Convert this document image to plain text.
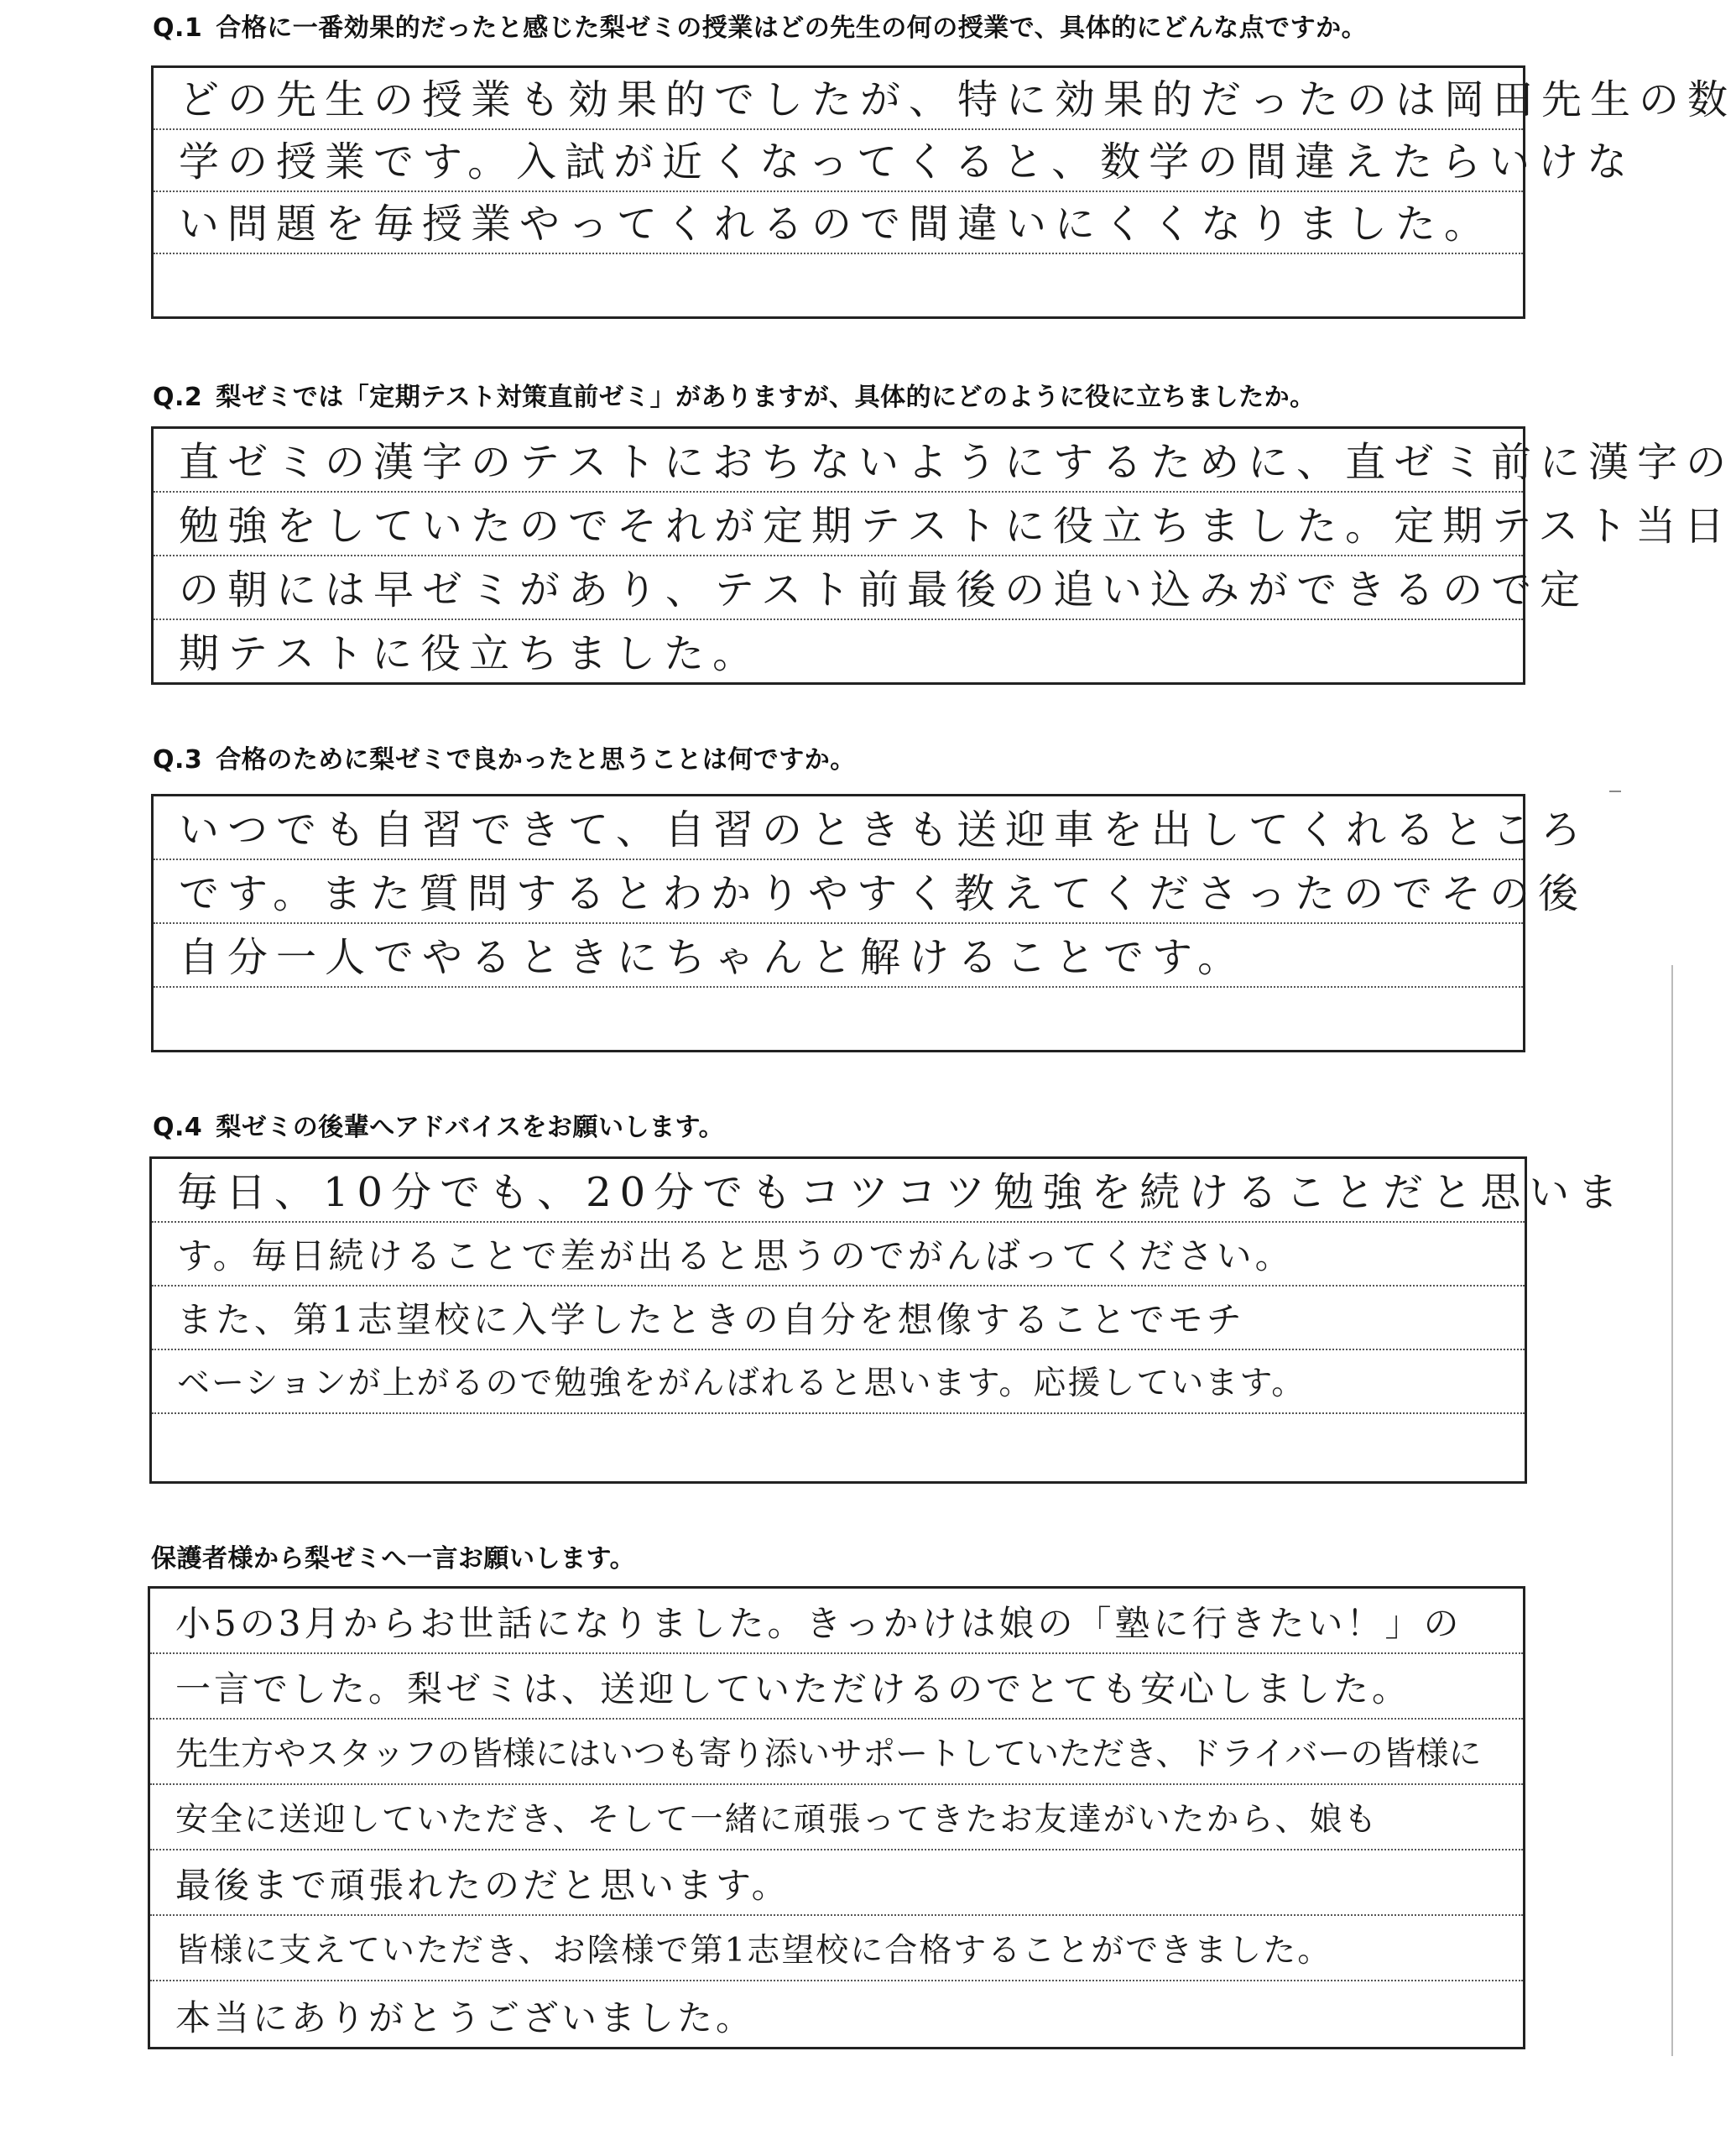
Q.1 合格に一番効果的だったと感じた梨ゼミの授業はどの先生の何の授業で、具体的にどんな点ですか。
どの先生の授業も効果的でしたが、特に効果的だったのは岡田先生の数
学の授業です。入試が近くなってくると、数学の間違えたらいけな
い問題を毎授業やってくれるので間違いにくくなりました。
Q.2 梨ゼミでは「定期テスト対策直前ゼミ」がありますが、具体的にどのように役に立ちましたか。
直ゼミの漢字のテストにおちないようにするために、直ゼミ前に漢字の
勉強をしていたのでそれが定期テストに役立ちました。定期テスト当日
の朝には早ゼミがあり、テスト前最後の追い込みができるので定
期テストに役立ちました。
Q.3 合格のために梨ゼミで良かったと思うことは何ですか。
いつでも自習できて、自習のときも送迎車を出してくれるところ
です。また質問するとわかりやすく教えてくださったのでその後
自分一人でやるときにちゃんと解けることです。
Q.4 梨ゼミの後輩へアドバイスをお願いします。
毎日、10分でも、20分でもコツコツ勉強を続けることだと思いま
す。毎日続けることで差が出ると思うのでがんばってください。
また、第1志望校に入学したときの自分を想像することでモチ
ベーションが上がるので勉強をがんばれると思います。応援しています。
保護者様から梨ゼミへ一言お願いします。
小5の3月からお世話になりました。きっかけは娘の「塾に行きたい！」の
一言でした。梨ゼミは、送迎していただけるのでとても安心しました。
先生方やスタッフの皆様にはいつも寄り添いサポートしていただき、ドライバーの皆様に
安全に送迎していただき、そして一緒に頑張ってきたお友達がいたから、娘も
最後まで頑張れたのだと思います。
皆様に支えていただき、お陰様で第1志望校に合格することができました。
本当にありがとうございました。
